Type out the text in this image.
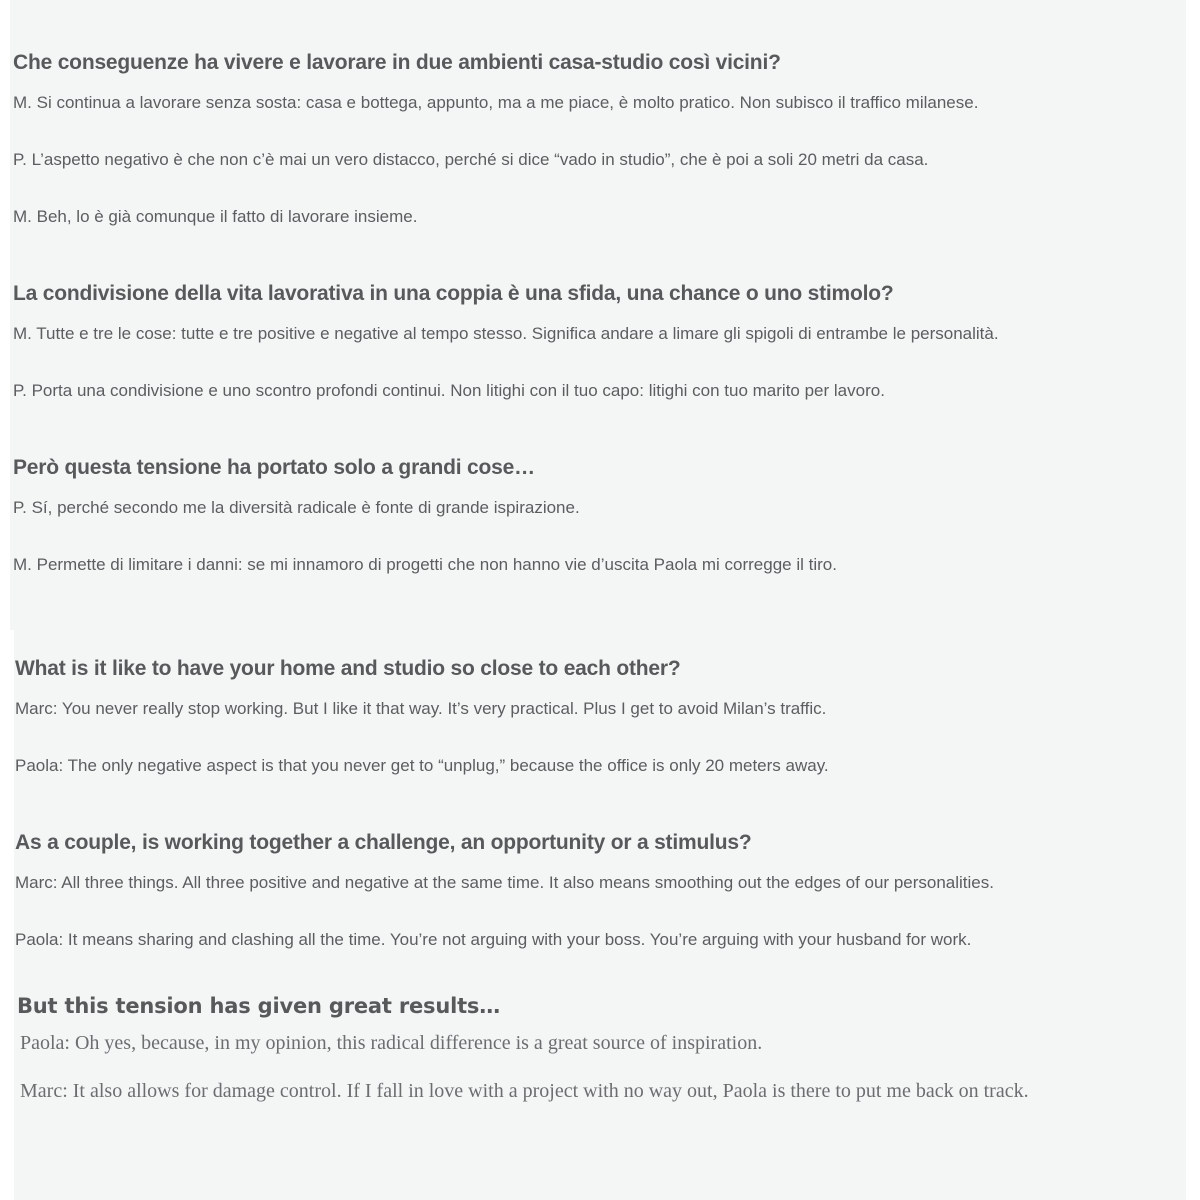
Che conseguenze ha vivere e lavorare in due ambienti casa-studio così vicini?

M. Si continua a lavorare senza sosta: casa e bottega, appunto, ma a me piace, è molto pratico. Non subisco il traffico milanese.

P. L’aspetto negativo è che non c’è mai un vero distacco, perché si dice “vado in studio”, che è poi a soli 20 metri da casa.

M. Beh, lo è già comunque il fatto di lavorare insieme.

La condivisione della vita lavorativa in una coppia è una sfida, una chance o uno stimolo?

M. Tutte e tre le cose: tutte e tre positive e negative al tempo stesso. Significa andare a limare gli spigoli di entrambe le personalità.

P. Porta una condivisione e uno scontro profondi continui. Non litighi con il tuo capo: litighi con tuo marito per lavoro.

Però questa tensione ha portato solo a grandi cose…

P. Sí, perché secondo me la diversità radicale è fonte di grande ispirazione.

M. Permette di limitare i danni: se mi innamoro di progetti che non hanno vie d’uscita Paola mi corregge il tiro.

What is it like to have your home and studio so close to each other?

Marc: You never really stop working. But I like it that way. It’s very practical. Plus I get to avoid Milan’s traffic.

Paola: The only negative aspect is that you never get to “unplug,” because the office is only 20 meters away.

As a couple, is working together a challenge, an opportunity or a stimulus?

Marc: All three things. All three positive and negative at the same time. It also means smoothing out the edges of our personalities.

Paola: It means sharing and clashing all the time. You’re not arguing with your boss. You’re arguing with your husband for work.

But this tension has given great results…

Paola: Oh yes, because, in my opinion, this radical difference is a great source of inspiration.

Marc: It also allows for damage control. If I fall in love with a project with no way out, Paola is there to put me back on track.
